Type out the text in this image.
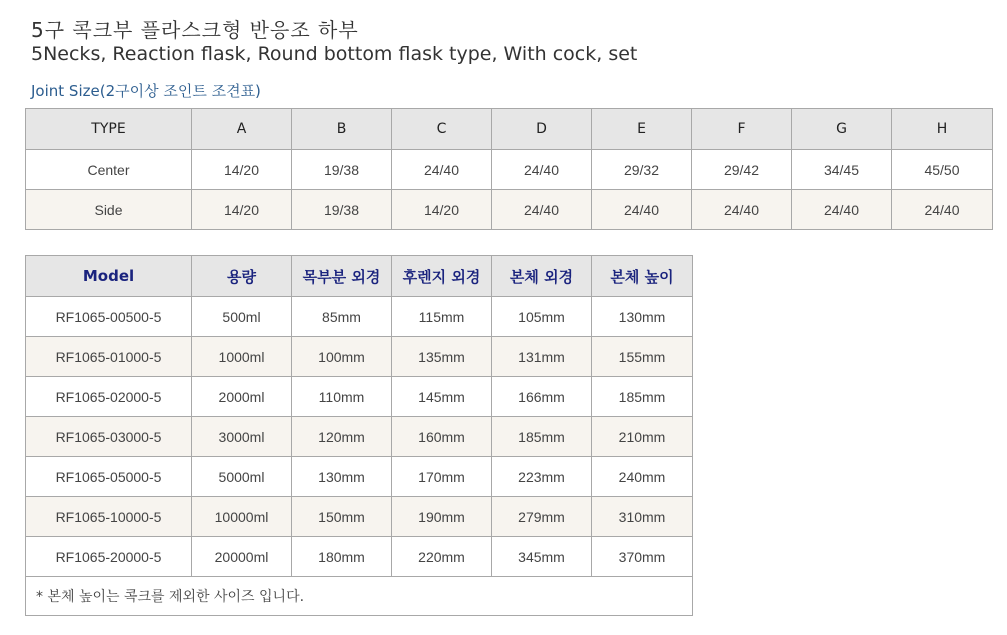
5구 콕크부 플라스크형 반응조 하부
5Necks, Reaction flask, Round bottom flask type, With cock, set
Joint Size(2구이상 조인트 조견표)
TYPE	A	B	C	D	E	F	G	H
Center	14/20	19/38	24/40	24/40	29/32	29/42	34/45	45/50
Side	14/20	19/38	14/20	24/40	24/40	24/40	24/40	24/40
Model	용량	목부분 외경	후렌지 외경	본체 외경	본체 높이
RF1065-00500-5	500ml	85mm	115mm	105mm	130mm
RF1065-01000-5	1000ml	100mm	135mm	131mm	155mm
RF1065-02000-5	2000ml	110mm	145mm	166mm	185mm
RF1065-03000-5	3000ml	120mm	160mm	185mm	210mm
RF1065-05000-5	5000ml	130mm	170mm	223mm	240mm
RF1065-10000-5	10000ml	150mm	190mm	279mm	310mm
RF1065-20000-5	20000ml	180mm	220mm	345mm	370mm
* 본체 높이는 콕크를 제외한 사이즈 입니다.					
